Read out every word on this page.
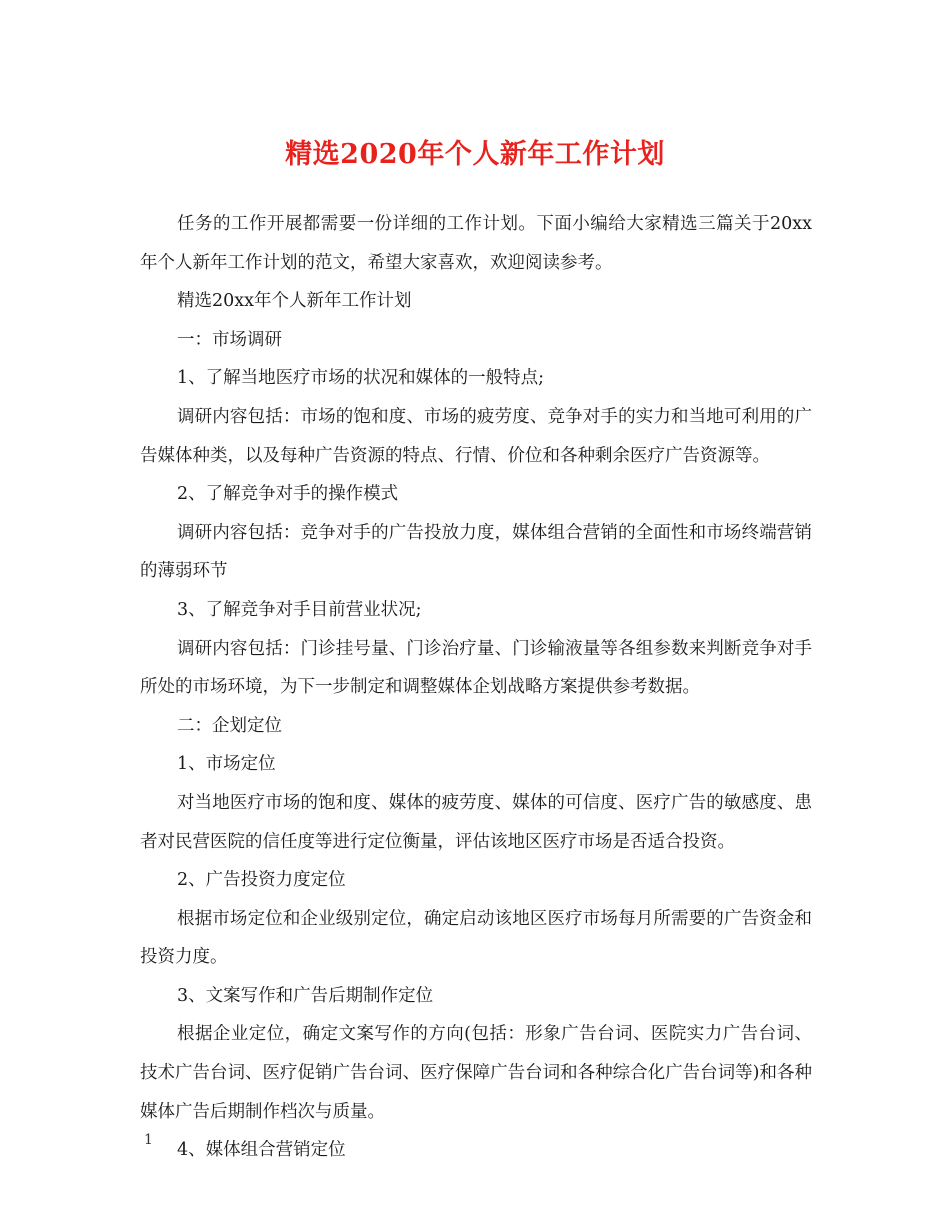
精选2020年个人新年工作计划

任务的工作开展都需要一份详细的工作计划。下面小编给大家精选三篇关于20xx年个人新年工作计划的范文，希望大家喜欢，欢迎阅读参考。

精选20xx年个人新年工作计划

一：市场调研

1、了解当地医疗市场的状况和媒体的一般特点;

调研内容包括：市场的饱和度、市场的疲劳度、竞争对手的实力和当地可利用的广告媒体种类，以及每种广告资源的特点、行情、价位和各种剩余医疗广告资源等。

2、了解竞争对手的操作模式

调研内容包括：竞争对手的广告投放力度，媒体组合营销的全面性和市场终端营销的薄弱环节

3、了解竞争对手目前营业状况;

调研内容包括：门诊挂号量、门诊治疗量、门诊输液量等各组参数来判断竞争对手所处的市场环境，为下一步制定和调整媒体企划战略方案提供参考数据。

二：企划定位

1、市场定位

对当地医疗市场的饱和度、媒体的疲劳度、媒体的可信度、医疗广告的敏感度、患者对民营医院的信任度等进行定位衡量，评估该地区医疗市场是否适合投资。

2、广告投资力度定位

根据市场定位和企业级别定位，确定启动该地区医疗市场每月所需要的广告资金和投资力度。

3、文案写作和广告后期制作定位

根据企业定位，确定文案写作的方向(包括：形象广告台词、医院实力广告台词、技术广告台词、医疗促销广告台词、医疗保障广告台词和各种综合化广告台词等)和各种媒体广告后期制作档次与质量。

4、媒体组合营销定位

1
